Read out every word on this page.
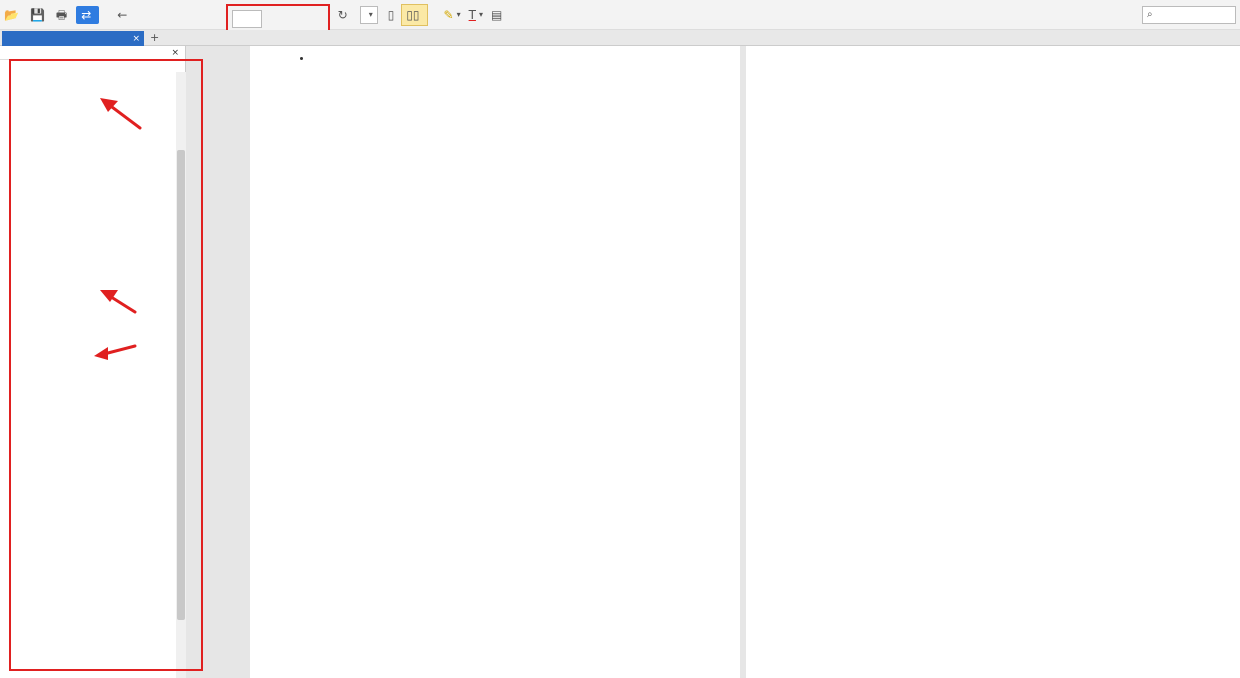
📂 💾 🖶 ⇄ ←	↻	▾ ▯ ▯▯ ✎ ▾ T ▾ ▤	⌕
× +
×

•
